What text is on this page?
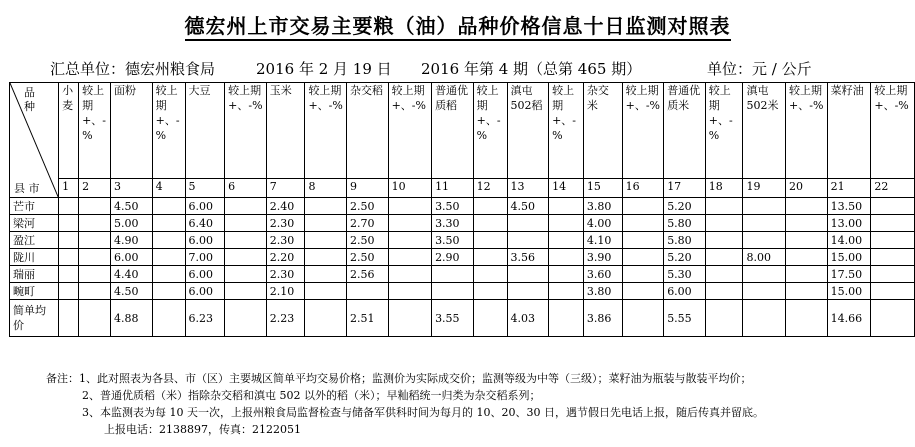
德宏州上市交易主要粮（油）品种价格信息十日监测对照表
汇总单位：德宏州粮食局	2016 年 2 月 19 日 2016 年第 4 期（总第 465 期）	单位：元 / 公斤
品种
县 市	小麦	较上期+、-%	面粉	较上期+、-%	大豆	较上期+、-%	玉米	较上期+、-%	杂交稻	较上期+、-%	普通优质稻	较上期+、-%	滇屯502稻	较上期+、-%	杂交米	较上期+、-%	普通优质米	较上期+、-%	滇屯502米	较上期+、-%	菜籽油	较上期+、-%
	1	2	3	4	5	6	7	8	9	10	11	12	13	14	15	16	17	18	19	20	21	22
芒市			4.50		6.00		2.40		2.50		3.50		4.50		3.80		5.20				13.50	
梁河			5.00		6.40		2.30		2.70		3.30				4.00		5.80				13.00	
盈江			4.90		6.00		2.30		2.50		3.50				4.10		5.80				14.00	
陇川			6.00		7.00		2.20		2.50		2.90		3.56		3.90		5.20		8.00		15.00	
瑞丽			4.40		6.00		2.30		2.56						3.60		5.30				17.50	
畹町			4.50		6.00		2.10								3.80		6.00				15.00	
简单均价			4.88		6.23		2.23		2.51		3.55		4.03		3.86		5.55				14.66	
备注：1、此对照表为各县、市（区）主要城区简单平均交易价格；监测价为实际成交价；监测等级为中等（三级）；菜籽油为瓶装与散装平均价；
2、普通优质稻（米）指除杂交稻和滇屯 502 以外的稻（米）；早籼稻统一归类为杂交稻系列；
3、本监测表为每 10 天一次，上报州粮食局监督检查与储备军供科时间为每月的 10、20、30 日，遇节假日先电话上报，随后传真并留底。
上报电话：2138897，传真：2122051
